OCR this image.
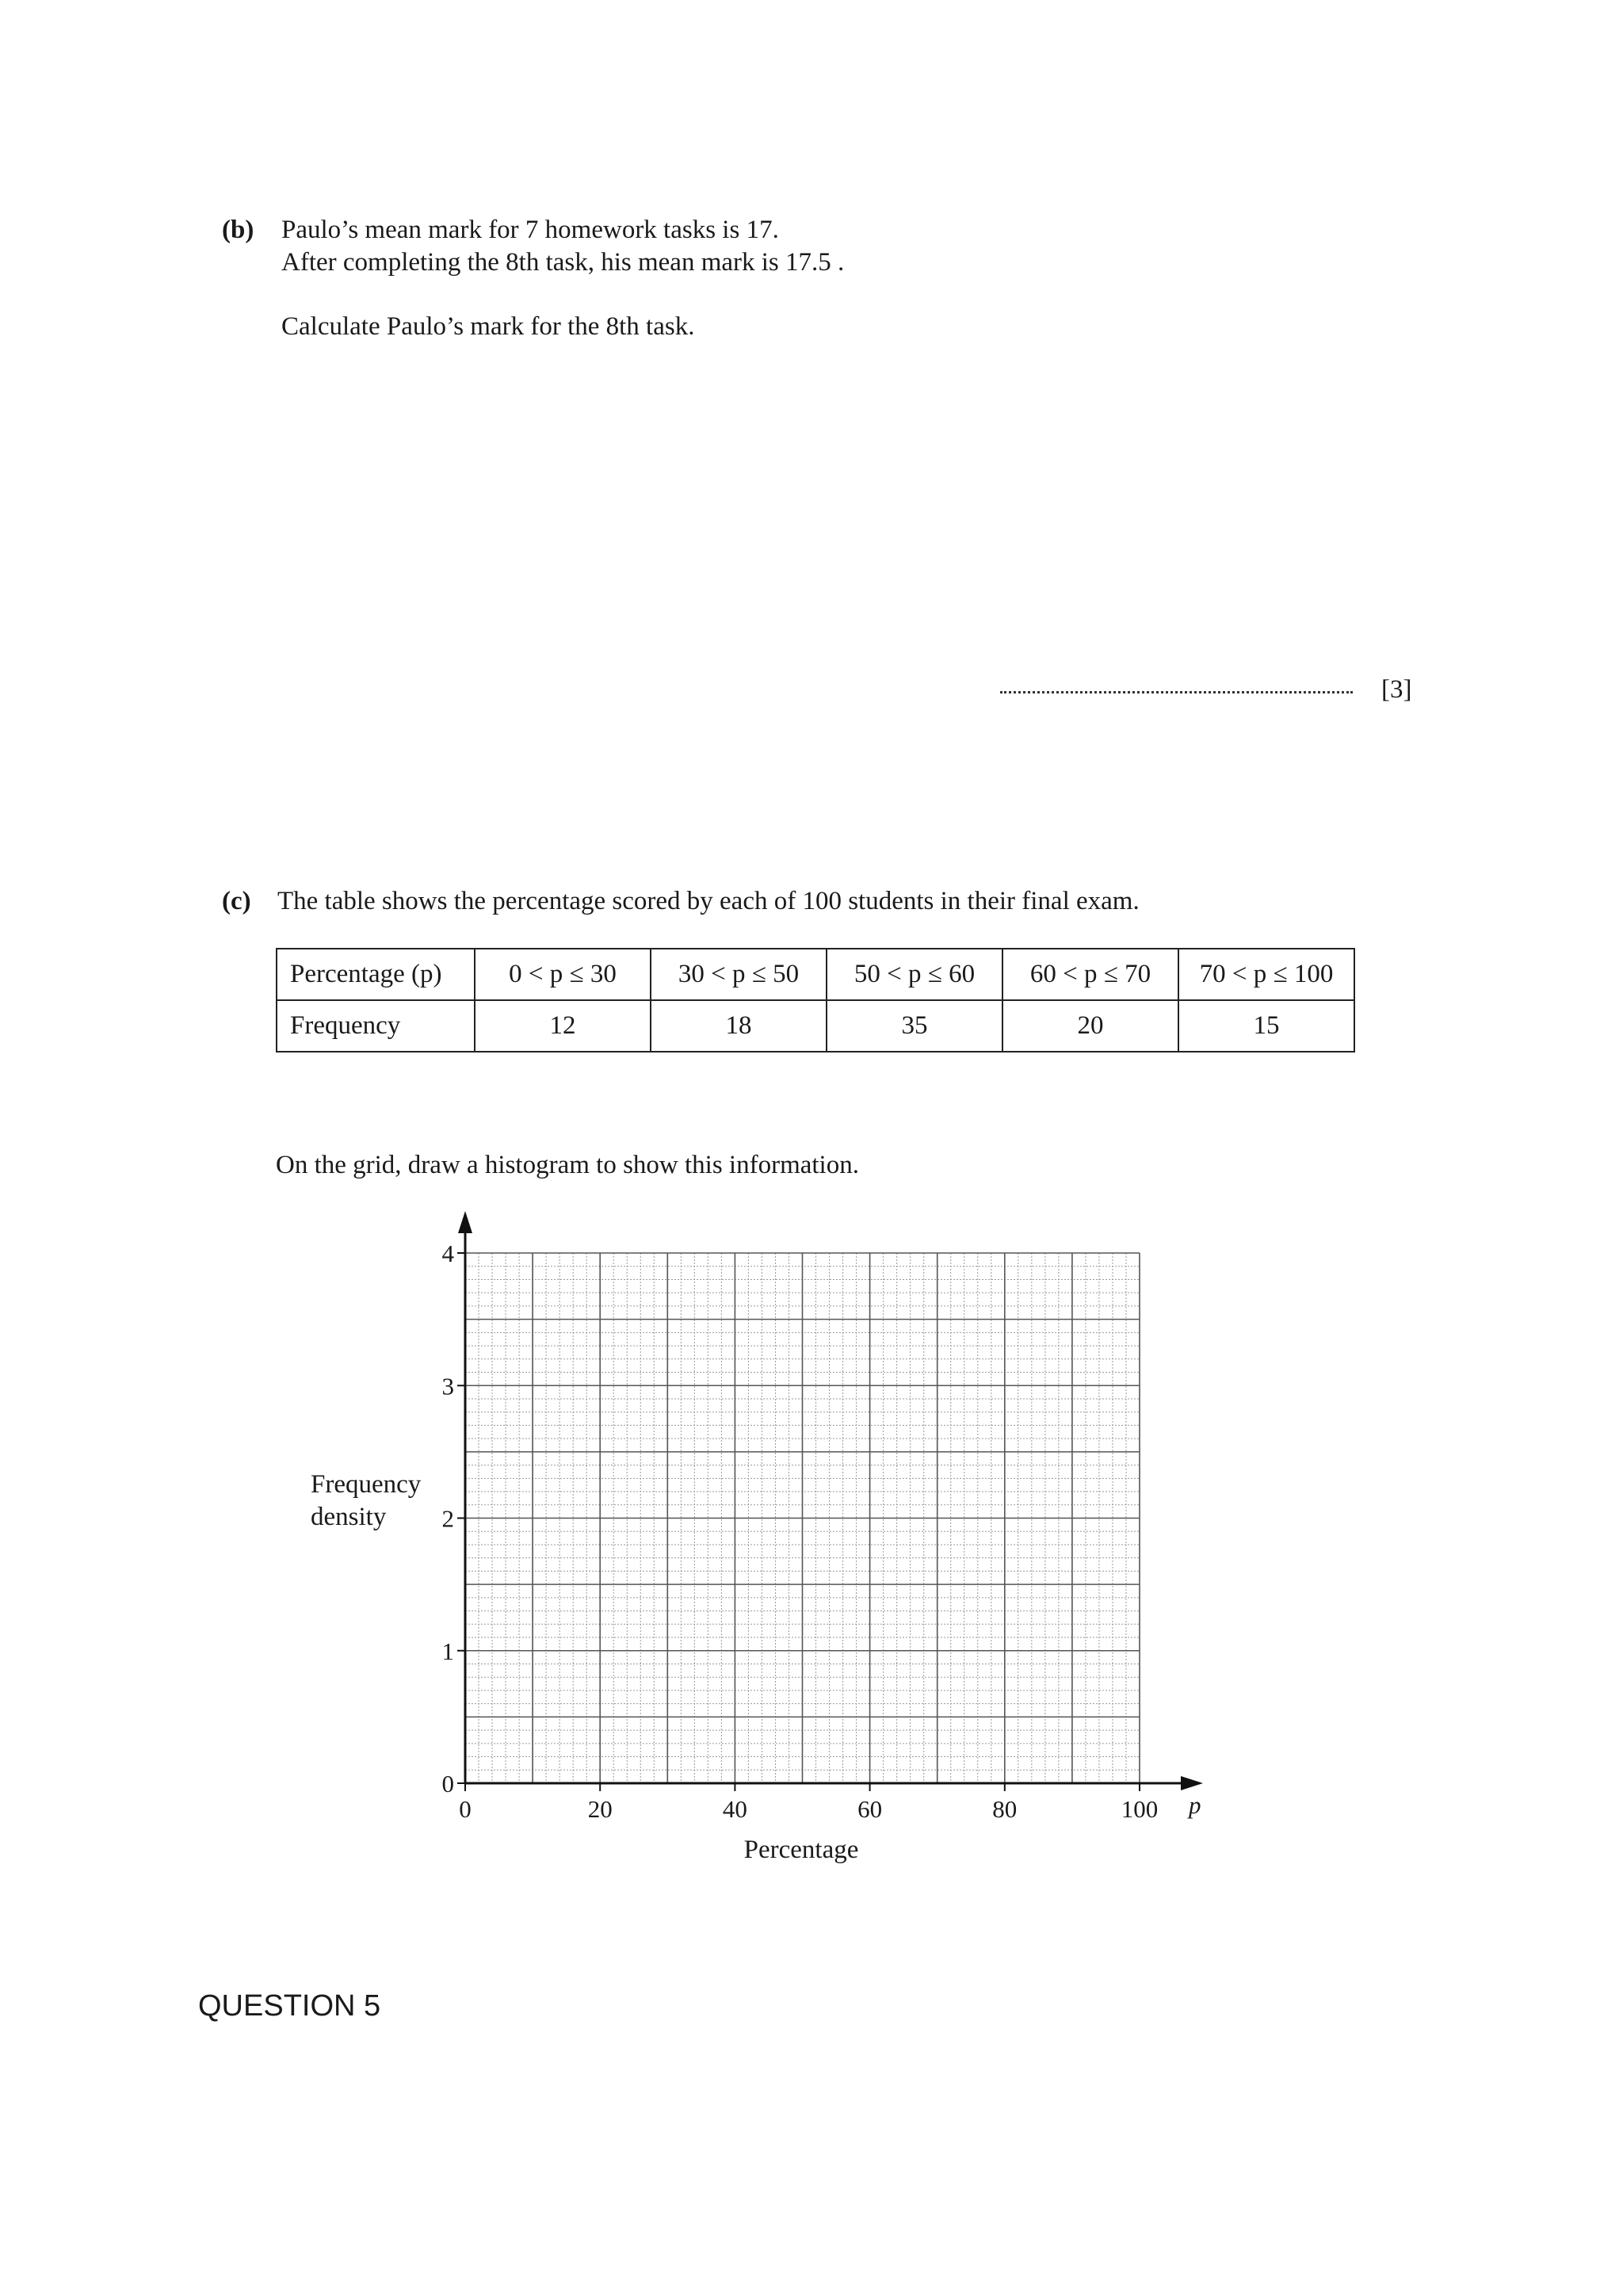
(b) Paulo’s mean mark for 7 homework tasks is 17.
After completing the 8th task, his mean mark is 17.5 .
Calculate Paulo’s mark for the 8th task.
[3]
(c) The table shows the percentage scored by each of 100 students in their final exam.
Percentage (p)	0 < p ≤ 30	30 < p ≤ 50	50 < p ≤ 60	60 < p ≤ 70	70 < p ≤ 100
Frequency	12	18	35	20	15
On the grid, draw a histogram to show this information.
0
1
2
3
4
0	20	40	60	80	100
Frequency
density
Percentage
p
QUESTION 5
